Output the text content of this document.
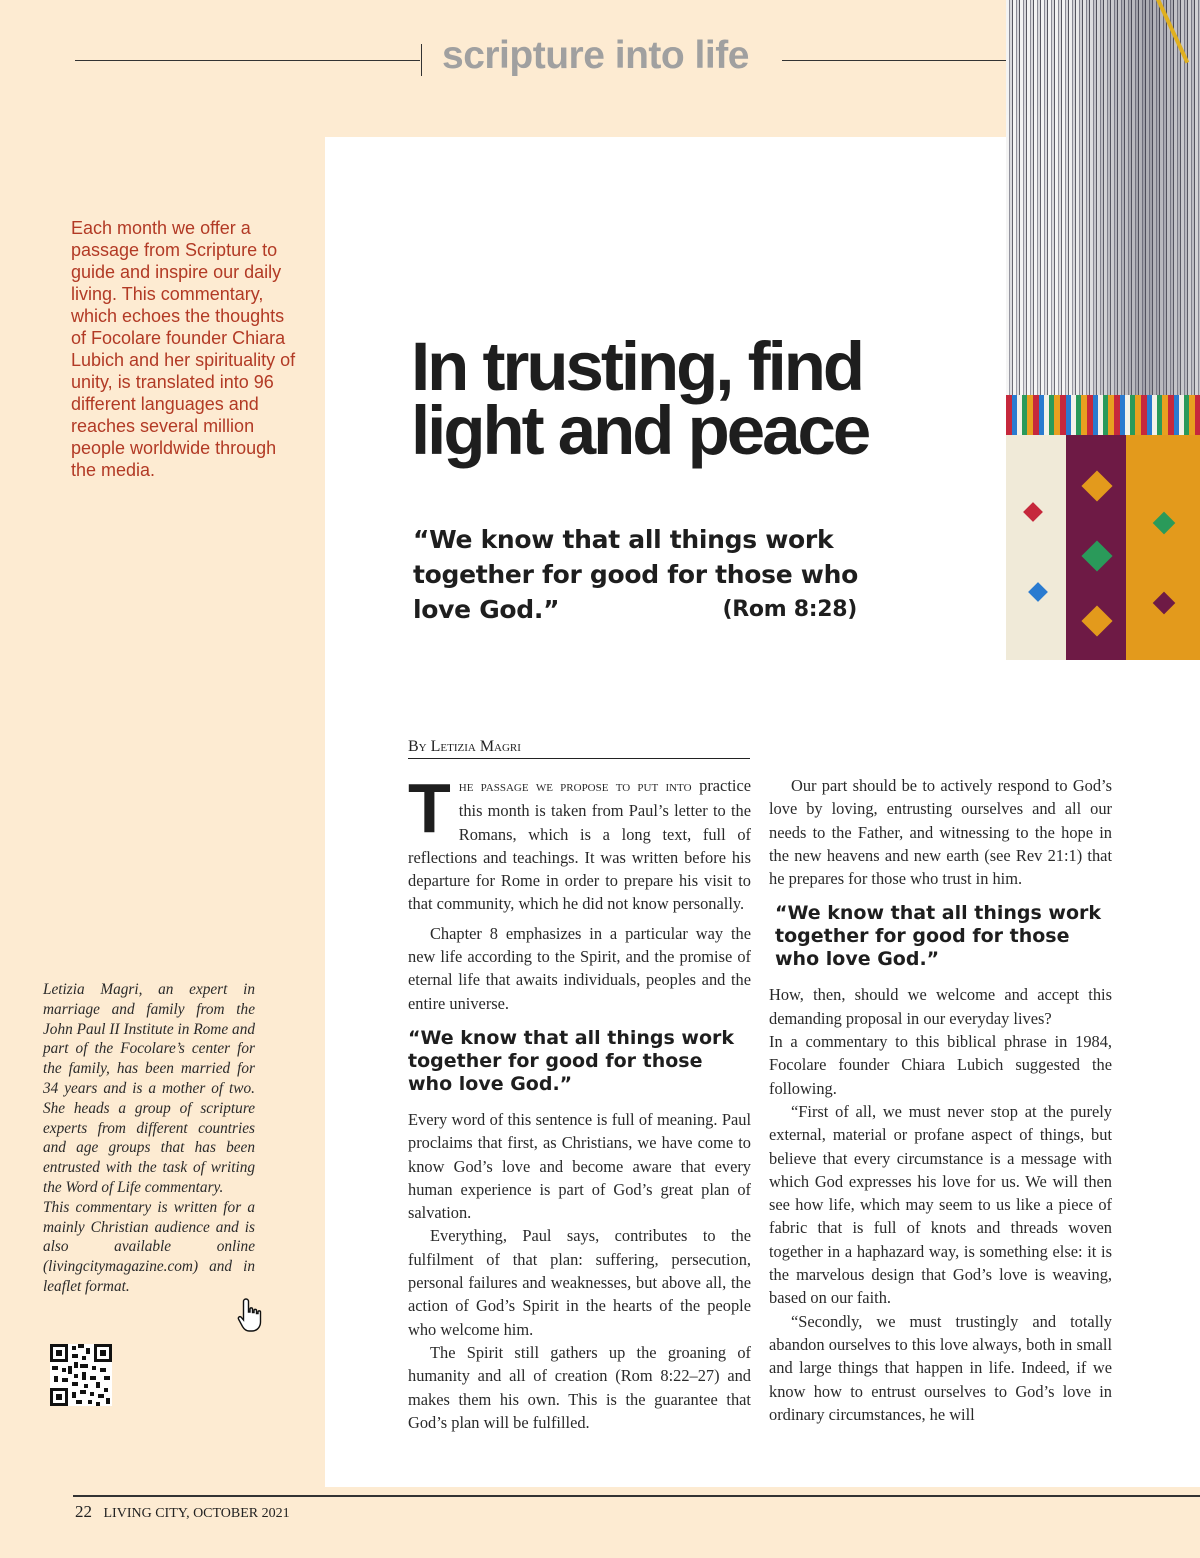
scripture into life
Each month we offer a passage from Scripture to guide and inspire our daily living. This commentary, which echoes the thoughts of Focolare founder Chiara Lubich and her spirituality of unity, is translated into 96 different languages and reaches several million people worldwide through the media.
In trusting, find
light and peace
“We know that all things work together for good for those who love God.”	(Rom 8:28)
By Letizia Magri

The passage we propose to put into practice this month is taken from Paul’s letter to the Romans, which is a long text, full of reflections and teachings. It was written before his departure for Rome in order to prepare his visit to that community, which he did not know personally.

Chapter 8 emphasizes in a particular way the new life according to the Spirit, and the promise of eternal life that awaits individuals, peoples and the entire universe.

“We know that all things work together for good for those who love God.”

Every word of this sentence is full of meaning. Paul proclaims that first, as Christians, we have come to know God’s love and become aware that every human experience is part of God’s great plan of salvation.

Everything, Paul says, contributes to the fulfilment of that plan: suffering, persecution, personal failures and weaknesses, but above all, the action of God’s Spirit in the hearts of the people who welcome him.

The Spirit still gathers up the groaning of humanity and all of creation (Rom 8:22–27) and makes them his own. This is the guarantee that God’s plan will be fulfilled.

Our part should be to actively respond to God’s love by loving, entrusting ourselves and all our needs to the Father, and witnessing to the hope in the new heavens and new earth (see Rev 21:1) that he prepares for those who trust in him.

“We know that all things work together for good for those who love God.”

How, then, should we welcome and accept this demanding proposal in our everyday lives?

In a commentary to this biblical phrase in 1984, Focolare founder Chiara Lubich suggested the following.

“First of all, we must never stop at the purely external, material or profane aspect of things, but believe that every circumstance is a message with which God expresses his love for us. We will then see how life, which may seem to us like a piece of fabric that is full of knots and threads woven together in a haphazard way, is something else: it is the marvelous design that God’s love is weaving, based on our faith.

“Secondly, we must trustingly and totally abandon ourselves to this love always, both in small and large things that happen in life. Indeed, if we know how to entrust ourselves to God’s love in ordinary circumstances, he will

Letizia Magri, an expert in marriage and family from the John Paul II Institute in Rome and part of the Focolare’s center for the family, has been married for 34 years and is a mother of two. She heads a group of scripture experts from different countries and age groups that has been entrusted with the task of writing the Word of Life commentary.
This commentary is written for a mainly Christian audience and is also available online (livingcitymagazine.com) and in leaflet format.
22 LIVING CITY, OCTOBER 2021
